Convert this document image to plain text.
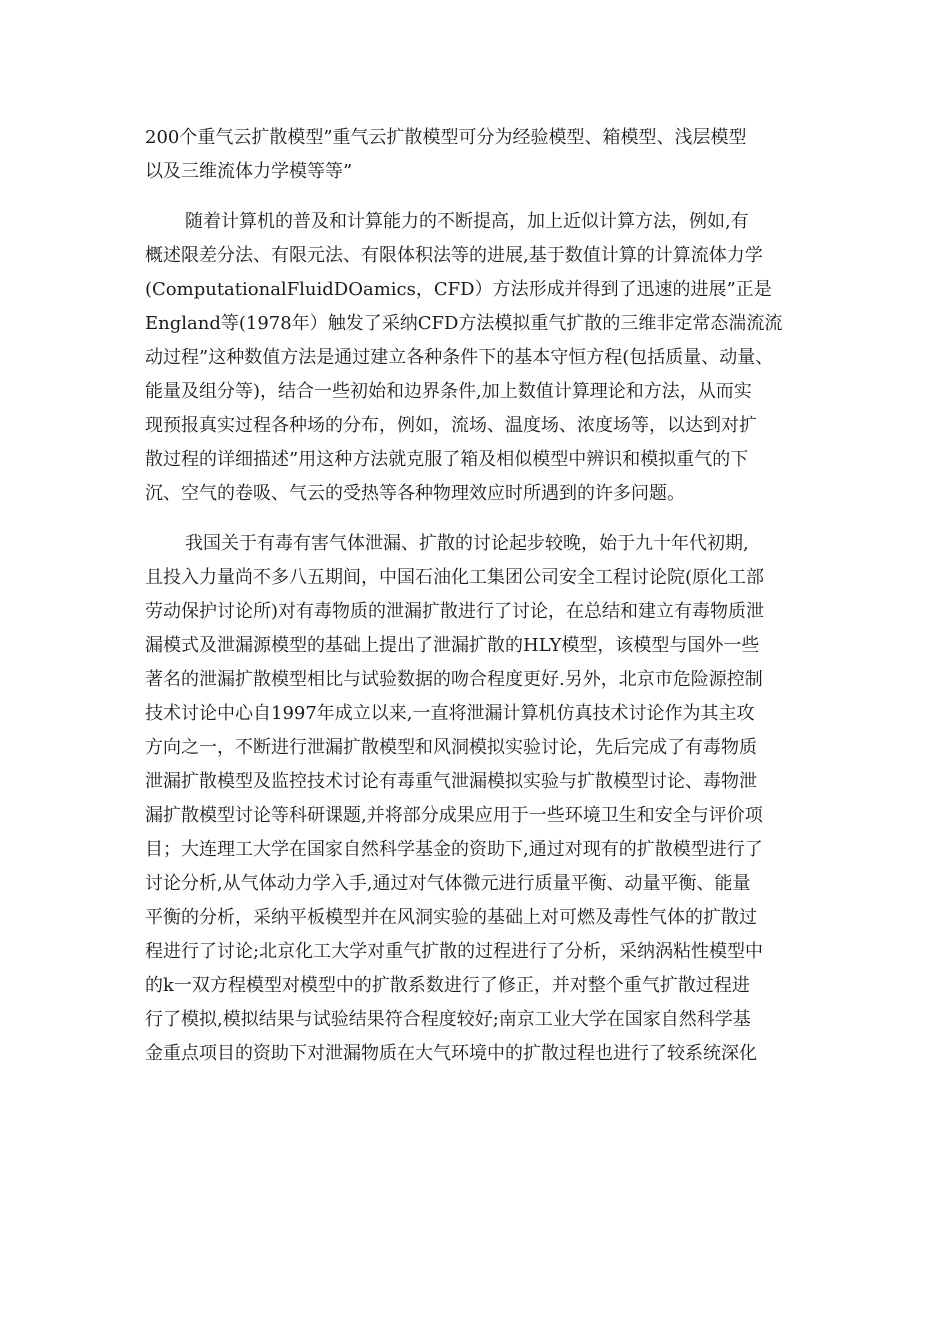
200个重气云扩散模型”重气云扩散模型可分为经验模型、箱模型、浅层模型
以及三维流体力学模等等”

随着计算机的普及和计算能力的不断提高，加上近似计算方法，例如,有
概述限差分法、有限元法、有限体积法等的进展,基于数值计算的计算流体力学
(ComputationalFluidDOamics，CFD）方法形成并得到了迅速的进展”正是
England等(1978年）触发了采纳CFD方法模拟重气扩散的三维非定常态湍流流
动过程”这种数值方法是通过建立各种条件下的基本守恒方程(包括质量、动量、
能量及组分等)，结合一些初始和边界条件,加上数值计算理论和方法，从而实
现预报真实过程各种场的分布，例如，流场、温度场、浓度场等，以达到对扩
散过程的详细描述”用这种方法就克服了箱及相似模型中辨识和模拟重气的下
沉、空气的卷吸、气云的受热等各种物理效应时所遇到的许多问题。

我国关于有毒有害气体泄漏、扩散的讨论起步较晚，始于九十年代初期,
且投入力量尚不多八五期间，中国石油化工集团公司安全工程讨论院(原化工部
劳动保护讨论所)对有毒物质的泄漏扩散进行了讨论，在总结和建立有毒物质泄
漏模式及泄漏源模型的基础上提出了泄漏扩散的HLY模型，该模型与国外一些
著名的泄漏扩散模型相比与试验数据的吻合程度更好.另外，北京市危险源控制
技术讨论中心自1997年成立以来,一直将泄漏计算机仿真技术讨论作为其主攻
方向之一，不断进行泄漏扩散模型和风洞模拟实验讨论，先后完成了有毒物质
泄漏扩散模型及监控技术讨论有毒重气泄漏模拟实验与扩散模型讨论、毒物泄
漏扩散模型讨论等科研课题,并将部分成果应用于一些环境卫生和安全与评价项
目；大连理工大学在国家自然科学基金的资助下,通过对现有的扩散模型进行了
讨论分析,从气体动力学入手,通过对气体微元进行质量平衡、动量平衡、能量
平衡的分析，采纳平板模型并在风洞实验的基础上对可燃及毒性气体的扩散过
程进行了讨论;北京化工大学对重气扩散的过程进行了分析，采纳涡粘性模型中
的k一双方程模型对模型中的扩散系数进行了修正，并对整个重气扩散过程进
行了模拟,模拟结果与试验结果符合程度较好;南京工业大学在国家自然科学基
金重点项目的资助下对泄漏物质在大气环境中的扩散过程也进行了较系统深化
